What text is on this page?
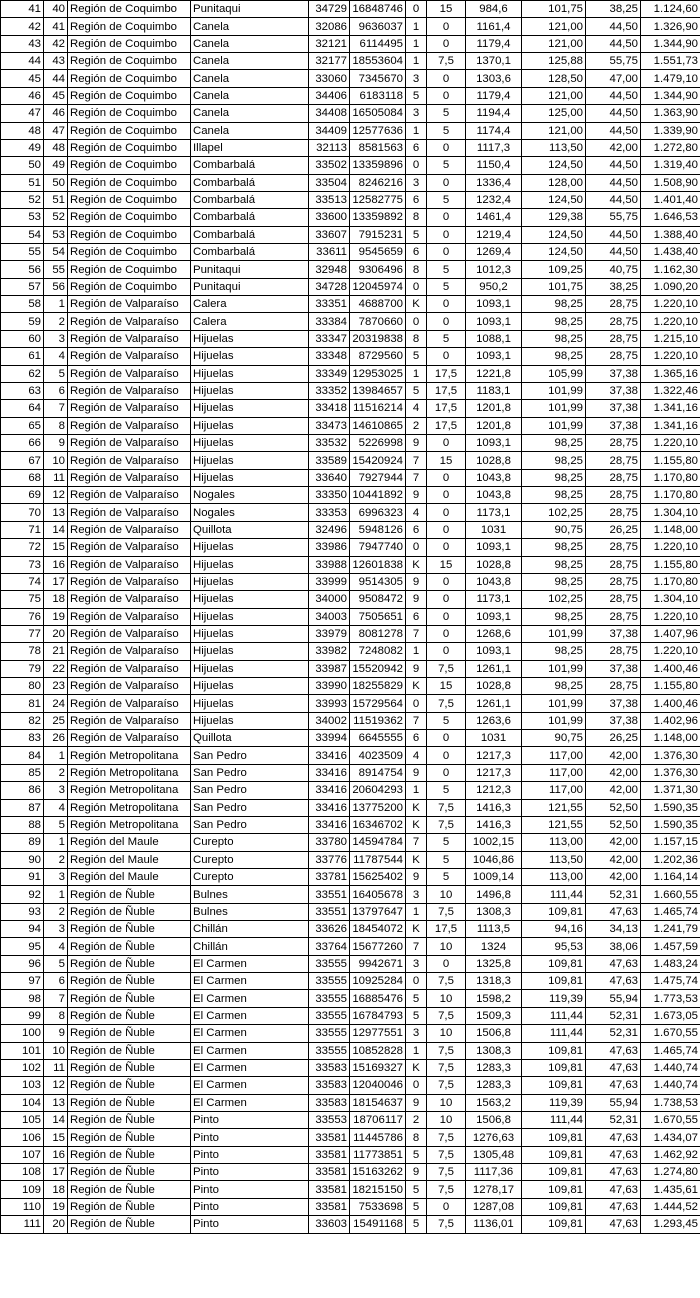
41	40	Región de Coquimbo	Punitaqui	34729	16848746	0	15	984,6	101,75	38,25	1.124,60
42	41	Región de Coquimbo	Canela	32086	9636037	1	0	1161,4	121,00	44,50	1.326,90
43	42	Región de Coquimbo	Canela	32121	6114495	1	0	1179,4	121,00	44,50	1.344,90
44	43	Región de Coquimbo	Canela	32177	18553604	1	7,5	1370,1	125,88	55,75	1.551,73
45	44	Región de Coquimbo	Canela	33060	7345670	3	0	1303,6	128,50	47,00	1.479,10
46	45	Región de Coquimbo	Canela	34406	6183118	5	0	1179,4	121,00	44,50	1.344,90
47	46	Región de Coquimbo	Canela	34408	16505084	3	5	1194,4	125,00	44,50	1.363,90
48	47	Región de Coquimbo	Canela	34409	12577636	1	5	1174,4	121,00	44,50	1.339,90
49	48	Región de Coquimbo	Illapel	32113	8581563	6	0	1117,3	113,50	42,00	1.272,80
50	49	Región de Coquimbo	Combarbalá	33502	13359896	0	5	1150,4	124,50	44,50	1.319,40
51	50	Región de Coquimbo	Combarbalá	33504	8246216	3	0	1336,4	128,00	44,50	1.508,90
52	51	Región de Coquimbo	Combarbalá	33513	12582775	6	5	1232,4	124,50	44,50	1.401,40
53	52	Región de Coquimbo	Combarbalá	33600	13359892	8	0	1461,4	129,38	55,75	1.646,53
54	53	Región de Coquimbo	Combarbalá	33607	7915231	5	0	1219,4	124,50	44,50	1.388,40
55	54	Región de Coquimbo	Combarbalá	33611	9545659	6	0	1269,4	124,50	44,50	1.438,40
56	55	Región de Coquimbo	Punitaqui	32948	9306496	8	5	1012,3	109,25	40,75	1.162,30
57	56	Región de Coquimbo	Punitaqui	34728	12045974	0	5	950,2	101,75	38,25	1.090,20
58	1	Región de Valparaíso	Calera	33351	4688700	K	0	1093,1	98,25	28,75	1.220,10
59	2	Región de Valparaíso	Calera	33384	7870660	0	0	1093,1	98,25	28,75	1.220,10
60	3	Región de Valparaíso	Hijuelas	33347	20319838	8	5	1088,1	98,25	28,75	1.215,10
61	4	Región de Valparaíso	Hijuelas	33348	8729560	5	0	1093,1	98,25	28,75	1.220,10
62	5	Región de Valparaíso	Hijuelas	33349	12953025	1	17,5	1221,8	105,99	37,38	1.365,16
63	6	Región de Valparaíso	Hijuelas	33352	13984657	5	17,5	1183,1	101,99	37,38	1.322,46
64	7	Región de Valparaíso	Hijuelas	33418	11516214	4	17,5	1201,8	101,99	37,38	1.341,16
65	8	Región de Valparaíso	Hijuelas	33473	14610865	2	17,5	1201,8	101,99	37,38	1.341,16
66	9	Región de Valparaíso	Hijuelas	33532	5226998	9	0	1093,1	98,25	28,75	1.220,10
67	10	Región de Valparaíso	Hijuelas	33589	15420924	7	15	1028,8	98,25	28,75	1.155,80
68	11	Región de Valparaíso	Hijuelas	33640	7927944	7	0	1043,8	98,25	28,75	1.170,80
69	12	Región de Valparaíso	Nogales	33350	10441892	9	0	1043,8	98,25	28,75	1.170,80
70	13	Región de Valparaíso	Nogales	33353	6996323	4	0	1173,1	102,25	28,75	1.304,10
71	14	Región de Valparaíso	Quillota	32496	5948126	6	0	1031	90,75	26,25	1.148,00
72	15	Región de Valparaíso	Hijuelas	33986	7947740	0	0	1093,1	98,25	28,75	1.220,10
73	16	Región de Valparaíso	Hijuelas	33988	12601838	K	15	1028,8	98,25	28,75	1.155,80
74	17	Región de Valparaíso	Hijuelas	33999	9514305	9	0	1043,8	98,25	28,75	1.170,80
75	18	Región de Valparaíso	Hijuelas	34000	9508472	9	0	1173,1	102,25	28,75	1.304,10
76	19	Región de Valparaíso	Hijuelas	34003	7505651	6	0	1093,1	98,25	28,75	1.220,10
77	20	Región de Valparaíso	Hijuelas	33979	8081278	7	0	1268,6	101,99	37,38	1.407,96
78	21	Región de Valparaíso	Hijuelas	33982	7248082	1	0	1093,1	98,25	28,75	1.220,10
79	22	Región de Valparaíso	Hijuelas	33987	15520942	9	7,5	1261,1	101,99	37,38	1.400,46
80	23	Región de Valparaíso	Hijuelas	33990	18255829	K	15	1028,8	98,25	28,75	1.155,80
81	24	Región de Valparaíso	Hijuelas	33993	15729564	0	7,5	1261,1	101,99	37,38	1.400,46
82	25	Región de Valparaíso	Hijuelas	34002	11519362	7	5	1263,6	101,99	37,38	1.402,96
83	26	Región de Valparaíso	Quillota	33994	6645555	6	0	1031	90,75	26,25	1.148,00
84	1	Región Metropolitana	San Pedro	33416	4023509	4	0	1217,3	117,00	42,00	1.376,30
85	2	Región Metropolitana	San Pedro	33416	8914754	9	0	1217,3	117,00	42,00	1.376,30
86	3	Región Metropolitana	San Pedro	33416	20604293	1	5	1212,3	117,00	42,00	1.371,30
87	4	Región Metropolitana	San Pedro	33416	13775200	K	7,5	1416,3	121,55	52,50	1.590,35
88	5	Región Metropolitana	San Pedro	33416	16346702	K	7,5	1416,3	121,55	52,50	1.590,35
89	1	Región del Maule	Curepto	33780	14594784	7	5	1002,15	113,00	42,00	1.157,15
90	2	Región del Maule	Curepto	33776	11787544	K	5	1046,86	113,50	42,00	1.202,36
91	3	Región del Maule	Curepto	33781	15625402	9	5	1009,14	113,00	42,00	1.164,14
92	1	Región de Ñuble	Bulnes	33551	16405678	3	10	1496,8	111,44	52,31	1.660,55
93	2	Región de Ñuble	Bulnes	33551	13797647	1	7,5	1308,3	109,81	47,63	1.465,74
94	3	Región de Ñuble	Chillán	33626	18454072	K	17,5	1113,5	94,16	34,13	1.241,79
95	4	Región de Ñuble	Chillán	33764	15677260	7	10	1324	95,53	38,06	1.457,59
96	5	Región de Ñuble	El Carmen	33555	9942671	3	0	1325,8	109,81	47,63	1.483,24
97	6	Región de Ñuble	El Carmen	33555	10925284	0	7,5	1318,3	109,81	47,63	1.475,74
98	7	Región de Ñuble	El Carmen	33555	16885476	5	10	1598,2	119,39	55,94	1.773,53
99	8	Región de Ñuble	El Carmen	33555	16784793	5	7,5	1509,3	111,44	52,31	1.673,05
100	9	Región de Ñuble	El Carmen	33555	12977551	3	10	1506,8	111,44	52,31	1.670,55
101	10	Región de Ñuble	El Carmen	33555	10852828	1	7,5	1308,3	109,81	47,63	1.465,74
102	11	Región de Ñuble	El Carmen	33583	15169327	K	7,5	1283,3	109,81	47,63	1.440,74
103	12	Región de Ñuble	El Carmen	33583	12040046	0	7,5	1283,3	109,81	47,63	1.440,74
104	13	Región de Ñuble	El Carmen	33583	18154637	9	10	1563,2	119,39	55,94	1.738,53
105	14	Región de Ñuble	Pinto	33553	18706117	2	10	1506,8	111,44	52,31	1.670,55
106	15	Región de Ñuble	Pinto	33581	11445786	8	7,5	1276,63	109,81	47,63	1.434,07
107	16	Región de Ñuble	Pinto	33581	11773851	5	7,5	1305,48	109,81	47,63	1.462,92
108	17	Región de Ñuble	Pinto	33581	15163262	9	7,5	1117,36	109,81	47,63	1.274,80
109	18	Región de Ñuble	Pinto	33581	18215150	5	7,5	1278,17	109,81	47,63	1.435,61
110	19	Región de Ñuble	Pinto	33581	7533698	5	0	1287,08	109,81	47,63	1.444,52
111	20	Región de Ñuble	Pinto	33603	15491168	5	7,5	1136,01	109,81	47,63	1.293,45
